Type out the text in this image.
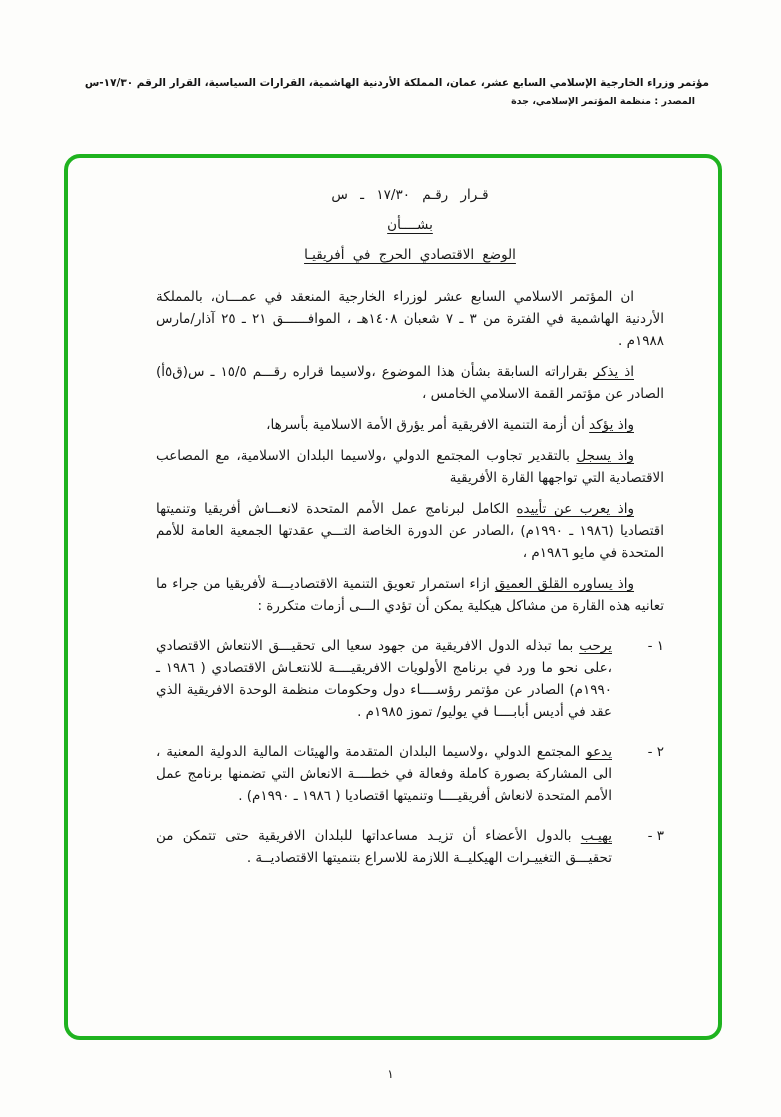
مؤتمر وزراء الخارجية الإسلامي السابع عشر، عمان، المملكة الأردنية الهاشمية، القرارات السياسية، القرار الرقم ١٧/٣٠-س
المصدر : منظمة المؤتمر الإسلامي، جدة
قـرار رقـم ١٧/٣٠ ـ س
بشــــأن
الوضع الاقتصادي الحرج في أفريقيـا

ان المؤتمر الاسلامي السابع عشر لوزراء الخارجية المنعقد في عمـــان، بالمملكة الأردنية الهاشمية في الفترة من ٣ ـ ٧ شعبان ١٤٠٨هـ ، الموافــــــق ٢١ ـ ٢٥ آذار/مارس ١٩٨٨م .

اذ يذكر بقراراته السابقة بشأن هذا الموضوع ،ولاسيما قراره رقـــم ١٥/٥ ـ س(ق٥أ) الصادر عن مؤتمر القمة الاسلامي الخامس ،

واذ يؤكد أن أزمة التنمية الافريقية أمر يؤرق الأمة الاسلامية بأسرها،

واذ يسجل بالتقدير تجاوب المجتمع الدولي ،ولاسيما البلدان الاسلامية، مع المصاعب الاقتصادية التي تواجهها القارة الأفريقية

واذ يعرب عن تأييده الكامل لبرنامج عمل الأمم المتحدة لانعـــاش أفريقيا وتنميتها اقتصاديا (١٩٨٦ ـ ١٩٩٠م) ،الصادر عن الدورة الخاصة التـــي عقدتها الجمعية العامة للأمم المتحدة في مايو ١٩٨٦م ،

واذ يساوره القلق العميق ازاء استمرار تعويق التنمية الاقتصاديـــة لأفريقيا من جراء ما تعانيه هذه القارة من مشاكل هيكلية يمكن أن تؤدي الـــى أزمات متكررة :

١ -
يرحب بما تبذله الدول الافريقية من جهود سعيا الى تحقيـــق الانتعاش الاقتصادي ،على نحو ما ورد في برنامج الأولويات الافريقيــــة للانتعـاش الاقتصادي ( ١٩٨٦ ـ ١٩٩٠م) الصادر عن مؤتمر رؤســــاء دول وحكومات منظمة الوحدة الافريقية الذي عقد في أديس أبابــــا في يوليو/ تموز ١٩٨٥م .
٢ -
يدعو المجتمع الدولي ،ولاسيما البلدان المتقدمة والهيئات المالية الدولية المعنية ، الى المشاركة بصورة كاملة وفعالة في خطــــة الانعاش التي تضمنها برنامج عمل الأمم المتحدة لانعاش أفريقيــــا وتنميتها اقتصاديا ( ١٩٨٦ ـ ١٩٩٠م) .
٣ -
يهيـب بالدول الأعضاء أن تزيـد مساعداتها للبلدان الافريقية حتى تتمكن من تحقيـــق التغييـرات الهيكليــة اللازمة للاسراع بتنميتها الاقتصاديــة .
١
